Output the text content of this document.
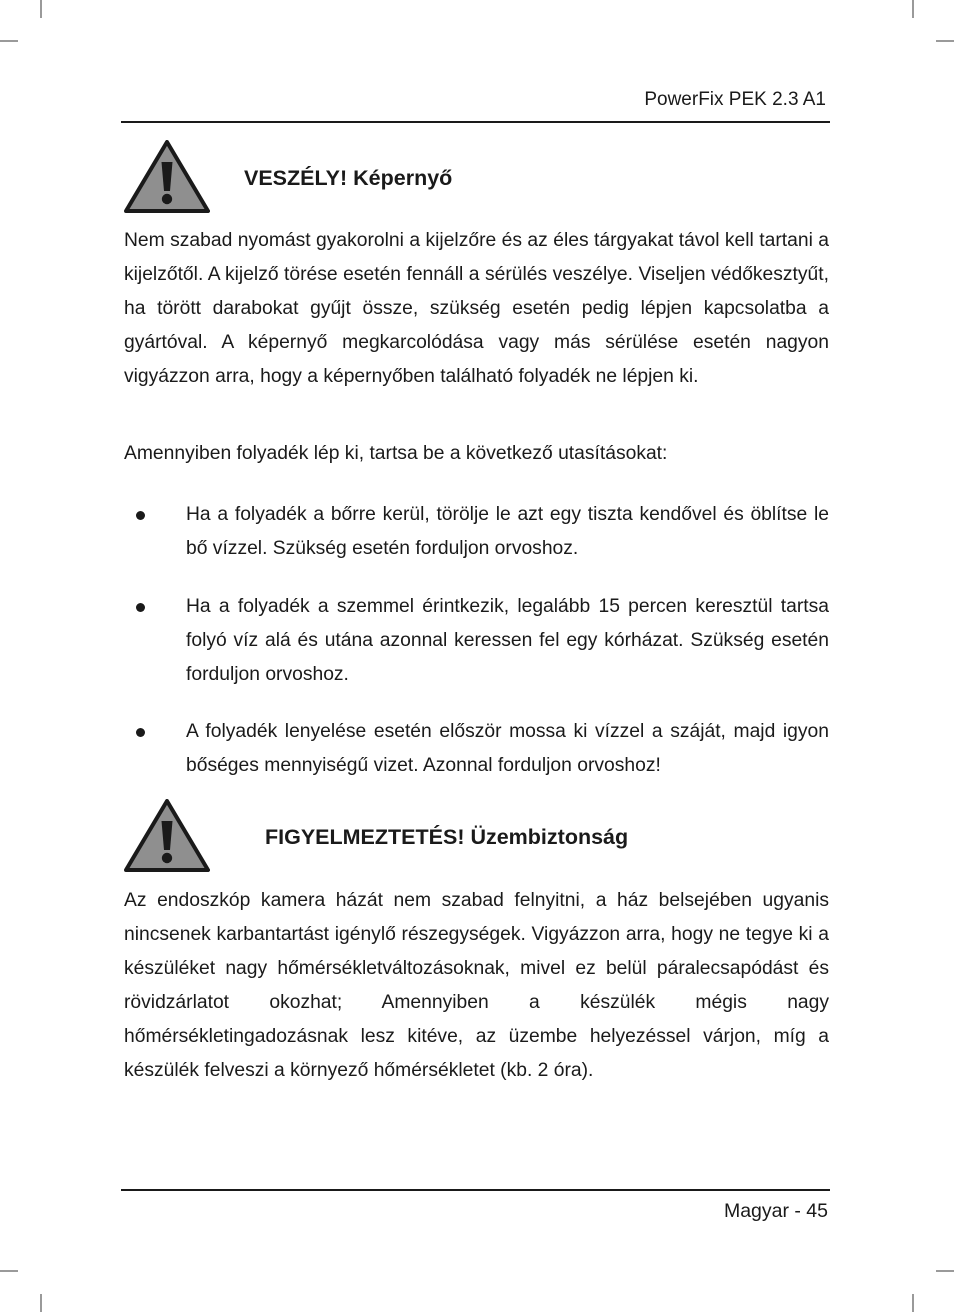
PowerFix PEK 2.3 A1
VESZÉLY! Képernyő

Nem szabad nyomást gyakorolni a kijelzőre és az éles tárgyakat távol kell tartani a kijelzőtől. A kijelző törése esetén fennáll a sérülés veszélye. Viseljen védőkesztyűt, ha törött darabokat gyűjt össze, szükség esetén pedig lépjen kapcsolatba a gyártóval. A képernyő megkarcolódása vagy más sérülése esetén nagyon vigyázzon arra, hogy a képernyőben található folyadék ne lépjen ki.

Amennyiben folyadék lép ki, tartsa be a következő utasításokat:

Ha a folyadék a bőrre kerül, törölje le azt egy tiszta kendővel és öblítse le bő vízzel. Szükség esetén forduljon orvoshoz.
Ha a folyadék a szemmel érintkezik, legalább 15 percen keresztül tartsa folyó víz alá és utána azonnal keressen fel egy kórházat. Szükség esetén forduljon orvoshoz.
A folyadék lenyelése esetén először mossa ki vízzel a száját, majd igyon bőséges mennyiségű vizet. Azonnal forduljon orvoshoz!
FIGYELMEZTETÉS! Üzembiztonság

Az endoszkóp kamera házát nem szabad felnyitni, a ház belsejében ugyanis nincsenek karbantartást igénylő részegységek. Vigyázzon arra, hogy ne tegye ki a készüléket nagy hőmérsékletváltozásoknak, mivel ez belül páralecsapódást és rövidzárlatot okozhat; Amennyiben a készülék mégis nagy hőmérsékletingadozásnak lesz kitéve, az üzembe helyezéssel várjon, míg a készülék felveszi a környező hőmérsékletet (kb. 2 óra).

Magyar - 45
